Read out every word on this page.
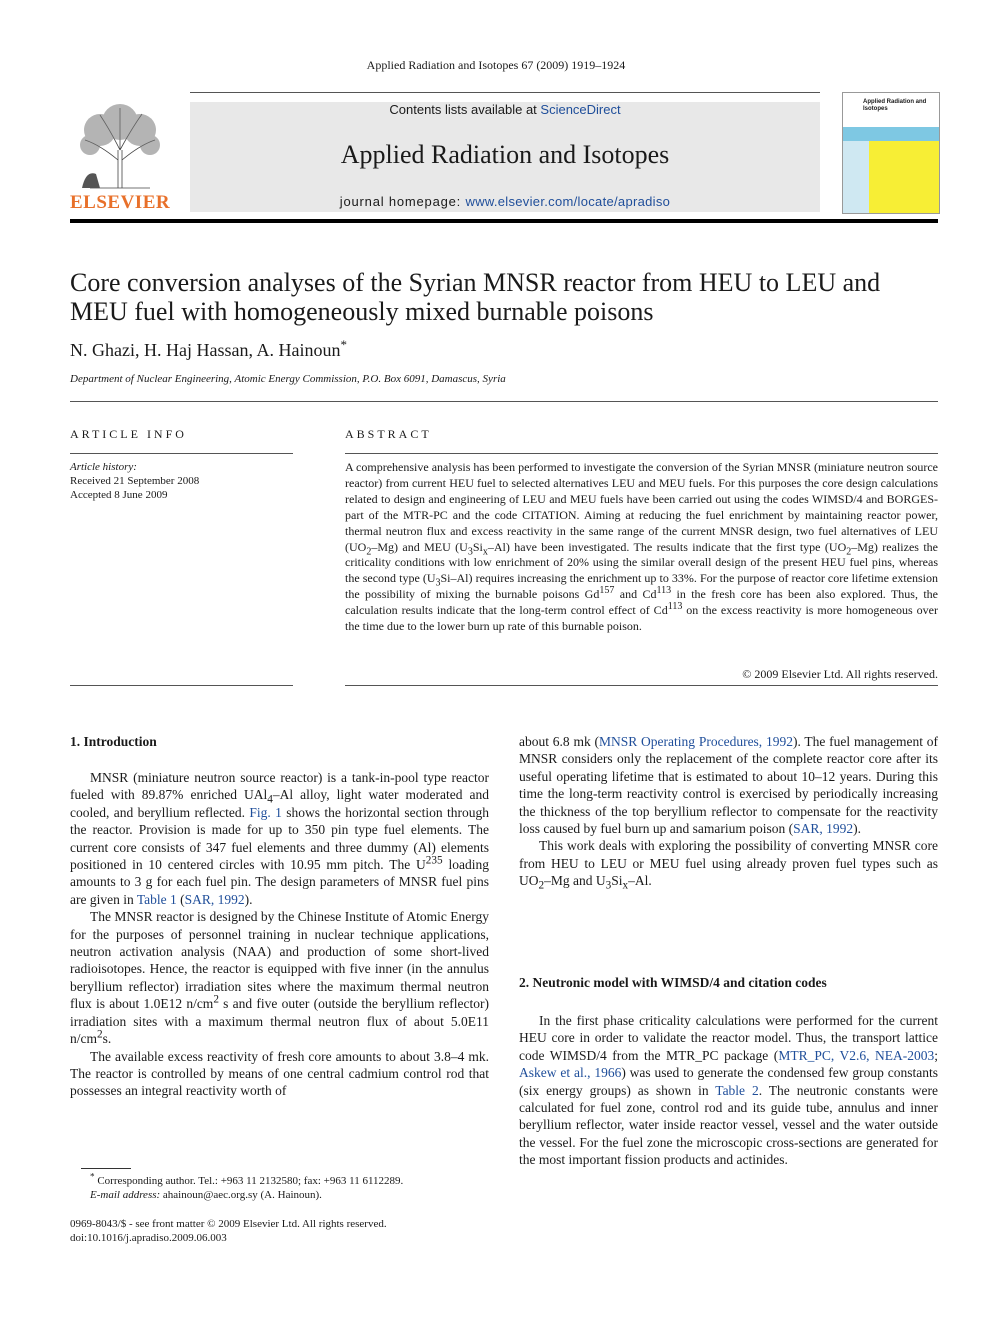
Applied Radiation and Isotopes 67 (2009) 1919–1924
ELSEVIER
Contents lists available at ScienceDirect
Applied Radiation and Isotopes
journal homepage: www.elsevier.com/locate/apradiso
Applied Radiation and Isotopes
Core conversion analyses of the Syrian MNSR reactor from HEU to LEU and
MEU fuel with homogeneously mixed burnable poisons
N. Ghazi, H. Haj Hassan, A. Hainoun*
Department of Nuclear Engineering, Atomic Energy Commission, P.O. Box 6091, Damascus, Syria
ARTICLE INFO
Article history:
Received 21 September 2008
Accepted 8 June 2009
ABSTRACT
A comprehensive analysis has been performed to investigate the conversion of the Syrian MNSR (miniature neutron source reactor) from current HEU fuel to selected alternatives LEU and MEU fuels. For this purposes the core design calculations related to design and engineering of LEU and MEU fuels have been carried out using the codes WIMSD/4 and BORGES-part of the MTR-PC and the code CITATION. Aiming at reducing the fuel enrichment by maintaining reactor power, thermal neutron flux and excess reactivity in the same range of the current MNSR design, two fuel alternatives of LEU $(UO_2-Mg)$ and MEU $(U_3Si_x-Al)$ have been investigated. The results indicate that the first type $(UO_2-Mg)$ realizes the criticality conditions with low enrichment of 20% using the similar overall design of the present HEU fuel pins, whereas the second type $(U_3Si-Al)$ requires increasing the enrichment up to 33%. For the purpose of reactor core lifetime extension the possibility of mixing the burnable poisons Gd$^{157}$ and Cd$^{113}$ in the fresh core has been also explored. Thus, the calculation results indicate that the long-term control effect of Cd$^{113}$ on the excess reactivity is more homogeneous over the time due to the lower burn up rate of this burnable poison.
© 2009 Elsevier Ltd. All rights reserved.
1. Introduction

MNSR (miniature neutron source reactor) is a tank-in-pool type reactor fueled with 89.87% enriched UAl$_4$–Al alloy, light water moderated and cooled, and beryllium reflected. Fig. 1 shows the horizontal section through the reactor. Provision is made for up to 350 pin type fuel elements. The current core consists of 347 fuel elements and three dummy (Al) elements positioned in 10 centered circles with 10.95 mm pitch. The $U^{235}$ loading amounts to 3 g for each fuel pin. The design parameters of MNSR fuel pins are given in Table 1 (SAR, 1992).

The MNSR reactor is designed by the Chinese Institute of Atomic Energy for the purposes of personnel training in nuclear technique applications, neutron activation analysis (NAA) and production of some short-lived radioisotopes. Hence, the reactor is equipped with five inner (in the annulus beryllium reflector) irradiation sites where the maximum thermal neutron flux is about 1.0E12 $n/cm^2$ s and five outer (outside the beryllium reflector) irradiation sites with a maximum thermal neutron flux of about 5.0E11 $n/cm^2s$.

The available excess reactivity of fresh core amounts to about 3.8–4 mk. The reactor is controlled by means of one central cadmium control rod that possesses an integral reactivity worth of

about 6.8 mk (MNSR Operating Procedures, 1992). The fuel management of MNSR considers only the replacement of the complete reactor core after its useful operating lifetime that is estimated to about 10–12 years. During this time the long-term reactivity control is exercised by periodically increasing the thickness of the top beryllium reflector to compensate for the reactivity loss caused by fuel burn up and samarium poison (SAR, 1992).

This work deals with exploring the possibility of converting MNSR core from HEU to LEU or MEU fuel using already proven fuel types such as $UO_2-Mg$ and $U_3Si_x-Al$.

2. Neutronic model with WIMSD/4 and citation codes

In the first phase criticality calculations were performed for the current HEU core in order to validate the reactor model. Thus, the transport lattice code WIMSD/4 from the MTR_PC package (MTR_PC, V2.6, NEA-2003; Askew et al., 1966) was used to generate the condensed few group constants (six energy groups) as shown in Table 2. The neutronic constants were calculated for fuel zone, control rod and its guide tube, annulus and inner beryllium reflector, water inside reactor vessel, vessel and the water outside the vessel. For the fuel zone the microscopic cross-sections are generated for the most important fission products and actinides.

* Corresponding author. Tel.: +963 11 2132580; fax: +963 11 6112289.
E-mail address: ahainoun@aec.org.sy (A. Hainoun).
0969-8043/$ - see front matter © 2009 Elsevier Ltd. All rights reserved.
doi:10.1016/j.apradiso.2009.06.003
